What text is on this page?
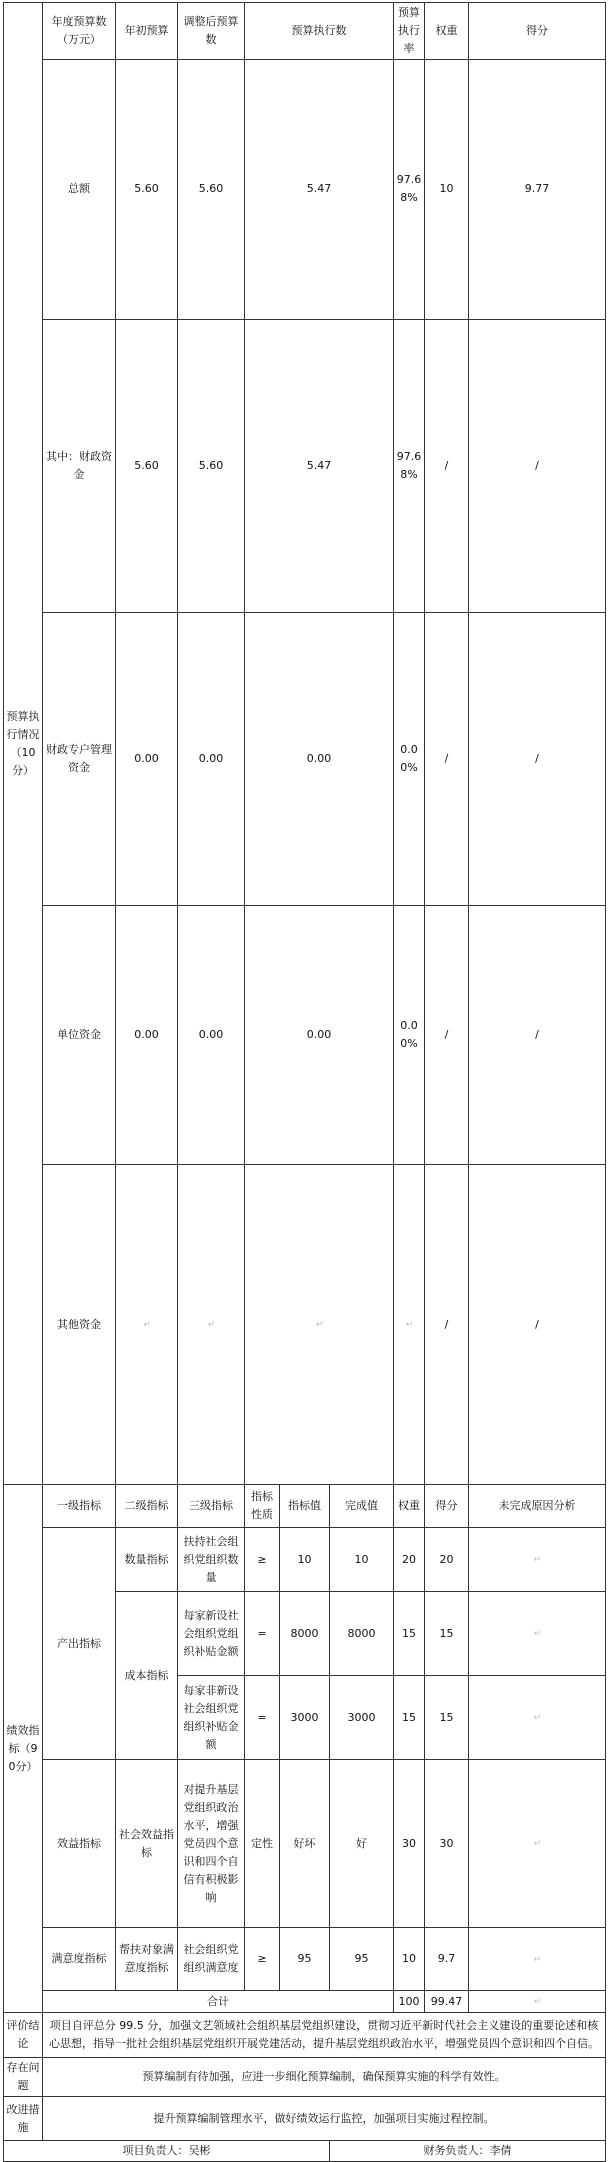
预算执行情况（10分）	年度预算数（万元）	年初预算	调整后预算数	预算执行数			预算执行率	权重	得分	
	总额	5.60	5.60	5.47			97.68%	10	9.77	
	其中：财政资金	5.60	5.60	5.47			97.68%	/	/	
	财政专户管理资金	0.00	0.00	0.00			0.00%	/	/	
	单位资金	0.00	0.00	0.00			0.00%	/	/	
	其他资金	↵	↵	↵			↵	/	/	
绩效指标（90分）	一级指标	二级指标	三级指标	指标性质	指标值	完成值	权重	得分	未完成原因分析	
	产出指标	数量指标	扶持社会组织党组织数量	≥	10	10	20	20	↵	
		成本指标	每家新设社会组织党组织补贴金额	=	8000	8000	15	15	↵	
			每家非新设社会组织党组织补贴金额	=	3000	3000	15	15	↵	
	效益指标	社会效益指标	对提升基层党组织政治水平，增强党员四个意识和四个自信有积极影响	定性	好坏	好	30	30	↵	
	满意度指标	帮扶对象满意度指标	社会组织党组织满意度	≥	95	95	10	9.7	↵	
	合计						100	99.47	↵	
评价结论	项目自评总分 99.5 分，加强文艺领域社会组织基层党组织建设，贯彻习近平新时代社会主义建设的重要论述和核心思想，指导一批社会组织基层党组织开展党建活动，提升基层党组织政治水平，增强党员四个意识和四个自信。									
存在问题	预算编制有待加强，应进一步细化预算编制，确保预算实施的科学有效性。									
改进措施	提升预算编制管理水平，做好绩效运行监控，加强项目实施过程控制。									
项目负责人：吴彬						财务负责人：李倩				
